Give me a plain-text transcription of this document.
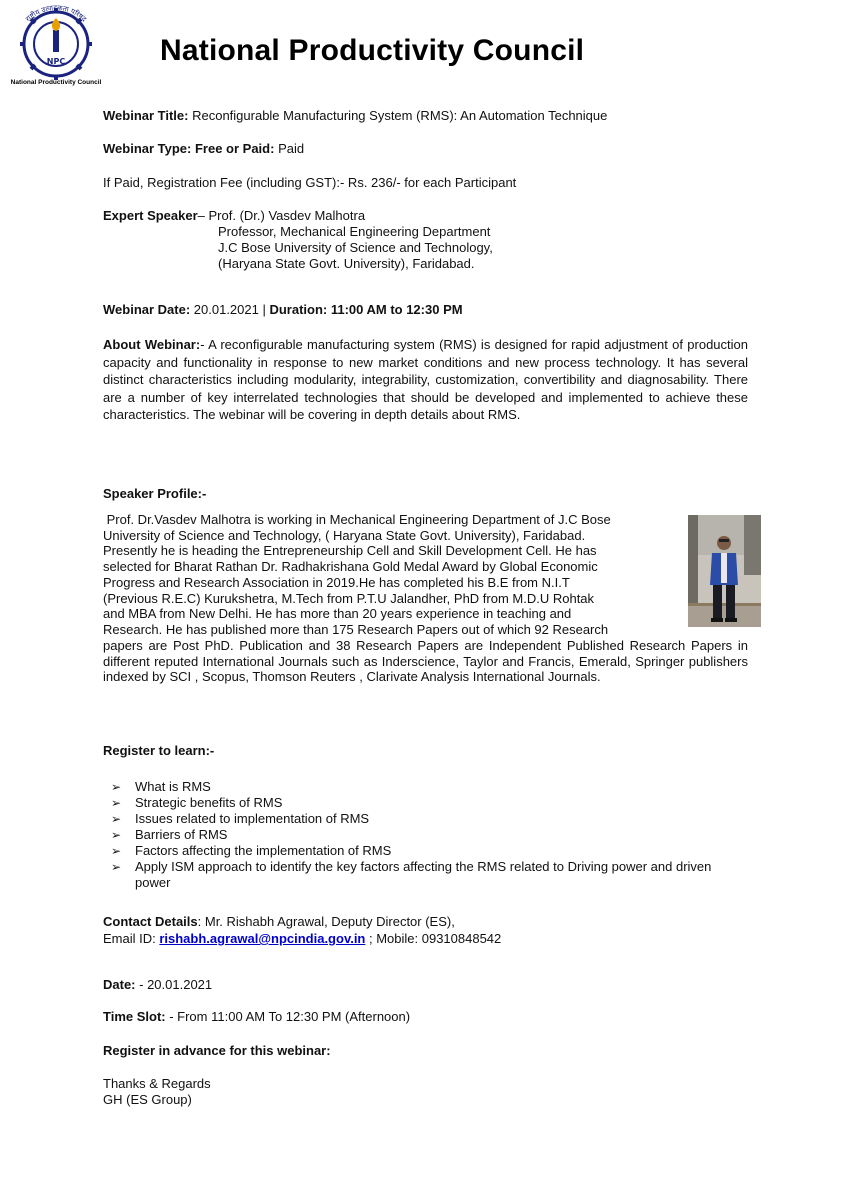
NPC
राष्ट्रीय उत्पादकता परिषद
National Productivity Council
National Productivity Council
Webinar Title: Reconfigurable Manufacturing System (RMS): An Automation Technique
Webinar Type: Free or Paid: Paid
If Paid, Registration Fee (including GST):- Rs. 236/- for each Participant
Expert Speaker– Prof. (Dr.) Vasdev Malhotra
Professor, Mechanical Engineering Department
J.C Bose University of Science and Technology,
(Haryana State Govt. University), Faridabad.
Webinar Date: 20.01.2021 | Duration: 11:00 AM to 12:30 PM
About Webinar:- A reconfigurable manufacturing system (RMS) is designed for rapid adjustment of production capacity and functionality in response to new market conditions and new process technology. It has several distinct characteristics including modularity, integrability, customization, convertibility and diagnosability. There are a number of key interrelated technologies that should be developed and implemented to achieve these characteristics. The webinar will be covering in depth details about RMS.
Speaker Profile:-
Prof. Dr.Vasdev Malhotra is working in Mechanical Engineering Department of J.C Bose
University of Science and Technology, ( Haryana State Govt. University), Faridabad.
Presently he is heading the Entrepreneurship Cell and Skill Development Cell. He has
selected for Bharat Rathan Dr. Radhakrishana Gold Medal Award by Global Economic
Progress and Research Association in 2019.He has completed his B.E from N.I.T
(Previous R.E.C) Kurukshetra, M.Tech from P.T.U Jalandher, PhD from M.D.U Rohtak
and MBA from New Delhi. He has more than 20 years experience in teaching and
Research. He has published more than 175 Research Papers out of which 92 Research
papers are Post PhD. Publication and 38 Research Papers are Independent Published Research Papers in different reputed International Journals such as Inderscience, Taylor and Francis, Emerald, Springer publishers indexed by SCI , Scopus, Thomson Reuters , Clarivate Analysis International Journals.
Register to learn:-
➢ What is RMS
➢ Strategic benefits of RMS
➢ Issues related to implementation of RMS
➢ Barriers of RMS
➢ Factors affecting the implementation of RMS
➢ Apply ISM approach to identify the key factors affecting the RMS related to Driving power and driven power
Contact Details: Mr. Rishabh Agrawal, Deputy Director (ES),
Email ID: rishabh.agrawal@npcindia.gov.in ; Mobile: 09310848542
Date: - 20.01.2021
Time Slot: - From 11:00 AM To 12:30 PM (Afternoon)
Register in advance for this webinar:
Thanks & Regards
GH (ES Group)
